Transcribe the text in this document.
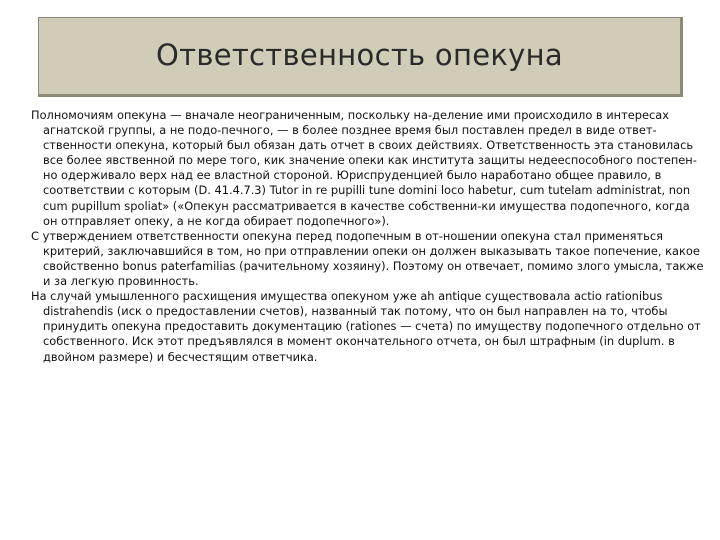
Ответственность опекуна

Полномочиям опекуна — вначале неограниченным, поскольку на-деление ими происходило в интересах агнатской группы, а не подо-печного, — в более позднее время был поставлен предел в виде ответ-ственности опекуна, который был обязан дать отчет в своих действиях. Ответственность эта становилась все более явственной по мере того, кик значение опеки как института защиты недееспособного постепен-но одерживало верх над ее властной стороной. Юриспруденцией было наработано общее правило, в соответствии с которым (D. 41.4.7.3) Tutor in re pupilli tune domini loco habetur, cum tutelam administrat, non cum pupillum spoliat» («Опекун рассматривается в качестве собственни-ки имущества подопечного, когда он отправляет опеку, а не когда обирает подопечного»).

С утверждением ответственности опекуна перед подопечным в от-ношении опекуна стал применяться критерий, заключавшийся в том, но при отправлении опеки он должен выказывать такое попечение, какое свойственно bonus paterfamilias (рачительному хозяину). Поэтому он отвечает, помимо злого умысла, также и за легкую провинность.

На случай умышленного расхищения имущества опекуном уже ah antique существовала actio rationibus distrahendis (иск о предоставлении счетов), названный так потому, что он был направлен на то, чтобы принудить опекуна предоставить документацию (rationes — счета) по имуществу подопечного отдельно от собственного. Иск этот предъявлялся в момент окончательного отчета, он был штрафным (in duplum. в двойном размере) и бесчестящим ответчика.
